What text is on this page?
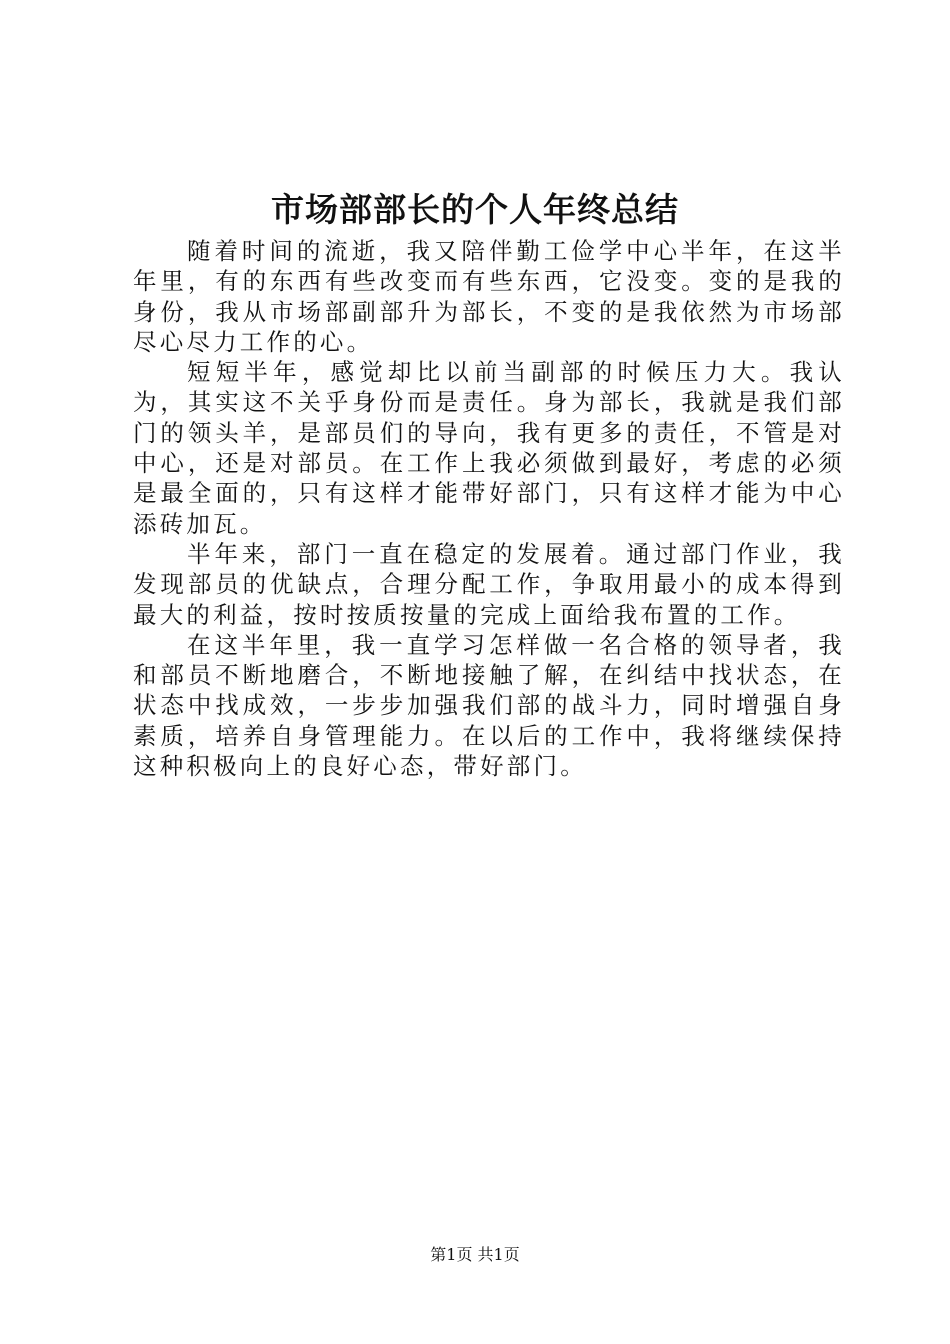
市场部部长的个人年终总结

随着时间的流逝，我又陪伴勤工俭学中心半年，在这半年里，有的东西有些改变而有些东西，它没变。变的是我的身份，我从市场部副部升为部长，不变的是我依然为市场部尽心尽力工作的心。

短短半年，感觉却比以前当副部的时候压力大。我认为，其实这不关乎身份而是责任。身为部长，我就是我们部门的领头羊，是部员们的导向，我有更多的责任，不管是对中心，还是对部员。在工作上我必须做到最好，考虑的必须是最全面的，只有这样才能带好部门，只有这样才能为中心添砖加瓦。

半年来，部门一直在稳定的发展着。通过部门作业，我发现部员的优缺点，合理分配工作，争取用最小的成本得到最大的利益，按时按质按量的完成上面给我布置的工作。

在这半年里，我一直学习怎样做一名合格的领导者，我和部员不断地磨合，不断地接触了解，在纠结中找状态，在状态中找成效，一步步加强我们部的战斗力，同时增强自身素质，培养自身管理能力。在以后的工作中，我将继续保持这种积极向上的良好心态，带好部门。

第1页 共1页
